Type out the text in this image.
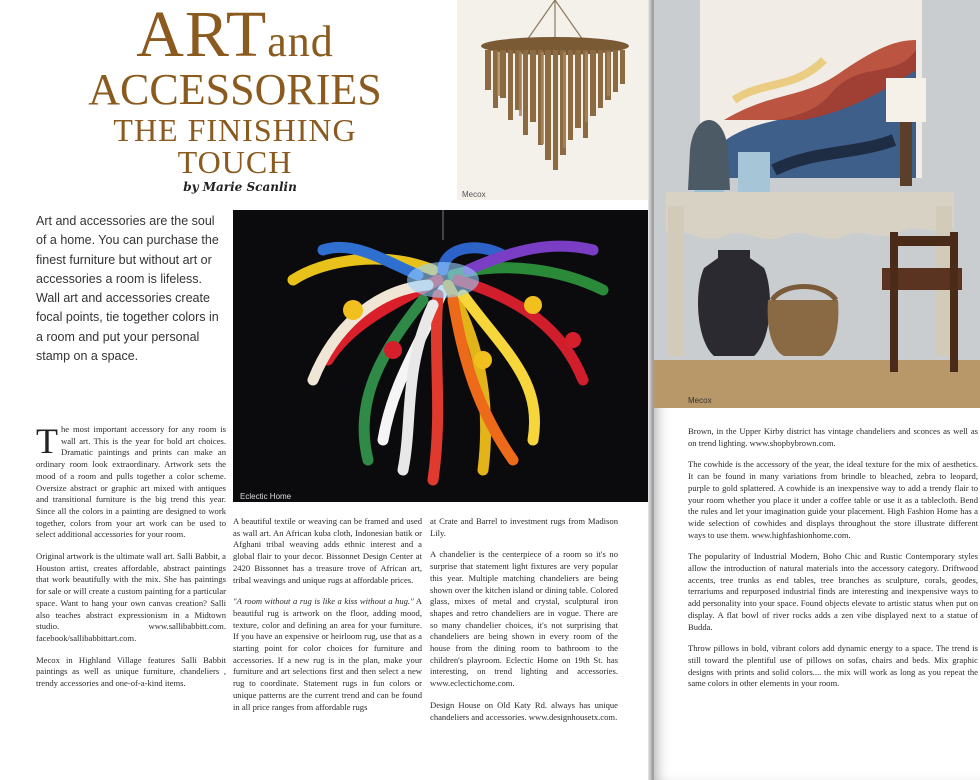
ARTand
ACCESSORIES
THE FINISHING
TOUCH
by Marie Scanlin
Art and accessories are the soul of a home. You can purchase the finest furniture but without art or accessories a room is lifeless. Wall art and accessories create focal points, tie together colors in a room and put your personal stamp on a space.
Mecox
Eclectic Home

The most important accessory for any room is wall art. This is the year for bold art choices. Dramatic paintings and prints can make an ordinary room look extraordinary. Artwork sets the mood of a room and pulls together a color scheme. Oversize abstract or graphic art mixed with antiques and transitional furniture is the big trend this year. Since all the colors in a painting are designed to work together, colors from your art work can be used to select additional accessories for your room.

Original artwork is the ultimate wall art. Salli Babbit, a Houston artist, creates affordable, abstract paintings that work beautifully with the mix. She has paintings for sale or will create a custom painting for a particular space. Want to hang your own canvas creation? Salli also teaches abstract expressionism in a Midtown studio. www.sallibabbitt.com. facebook/sallibabbittart.com.

Mecox in Highland Village features Salli Babbit paintings as well as unique furniture, chandeliers , trendy accessories and one-of-a-kind items.

A beautiful textile or weaving can be framed and used as wall art. An African kuba cloth, Indonesian batik or Afghani tribal weaving adds ethnic interest and a global flair to your decor. Bissonnet Design Center at 2420 Bissonnet has a treasure trove of African art, tribal weavings and unique rugs at affordable prices.

"A room without a rug is like a kiss without a hug." A beautiful rug is artwork on the floor, adding mood, texture, color and defining an area for your furniture. If you have an expensive or heirloom rug, use that as a starting point for color choices for furniture and accessories. If a new rug is in the plan, make your furniture and art selections first and then select a new rug to coordinate. Statement rugs in fun colors or unique patterns are the current trend and can be found in all price ranges from affordable rugs

at Crate and Barrel to investment rugs from Madison Lily.

A chandelier is the centerpiece of a room so it's no surprise that statement light fixtures are very popular this year. Multiple matching chandeliers are being shown over the kitchen island or dining table. Colored glass, mixes of metal and crystal, sculptural iron shapes and retro chandeliers are in vogue. There are so many chandelier choices, it's not surprising that chandeliers are being shown in every room of the house from the dining room to bathroom to the children's playroom. Eclectic Home on 19th St. has interesting, on trend lighting and accessories. www.eclectichome.com.

Design House on Old Katy Rd. always has unique chandeliers and accessories. www.designhousetx.com.

Mecox

Brown, in the Upper Kirby district has vintage chandeliers and sconces as well as on trend lighting. www.shopbybrown.com.

The cowhide is the accessory of the year, the ideal texture for the mix of aesthetics. It can be found in many variations from brindle to bleached, zebra to leopard, purple to gold splattered. A cowhide is an inexpensive way to add a trendy flair to your room whether you place it under a coffee table or use it as a tablecloth. Bend the rules and let your imagination guide your placement. High Fashion Home has a wide selection of cowhides and displays throughout the store illustrate different ways to use them. www.highfashionhome.com.

The popularity of Industrial Modern, Boho Chic and Rustic Contemporary styles allow the introduction of natural materials into the accessory category. Driftwood accents, tree trunks as end tables, tree branches as sculpture, corals, geodes, terrariums and repurposed industrial finds are interesting and inexpensive ways to add personality into your space. Found objects elevate to artistic status when put on display. A flat bowl of river rocks adds a zen vibe displayed next to a statue of Budda.

Throw pillows in bold, vibrant colors add dynamic energy to a space. The trend is still toward the plentiful use of pillows on sofas, chairs and beds. Mix graphic designs with prints and solid colors.... the mix will work as long as you repeat the same colors in other elements in your room.
